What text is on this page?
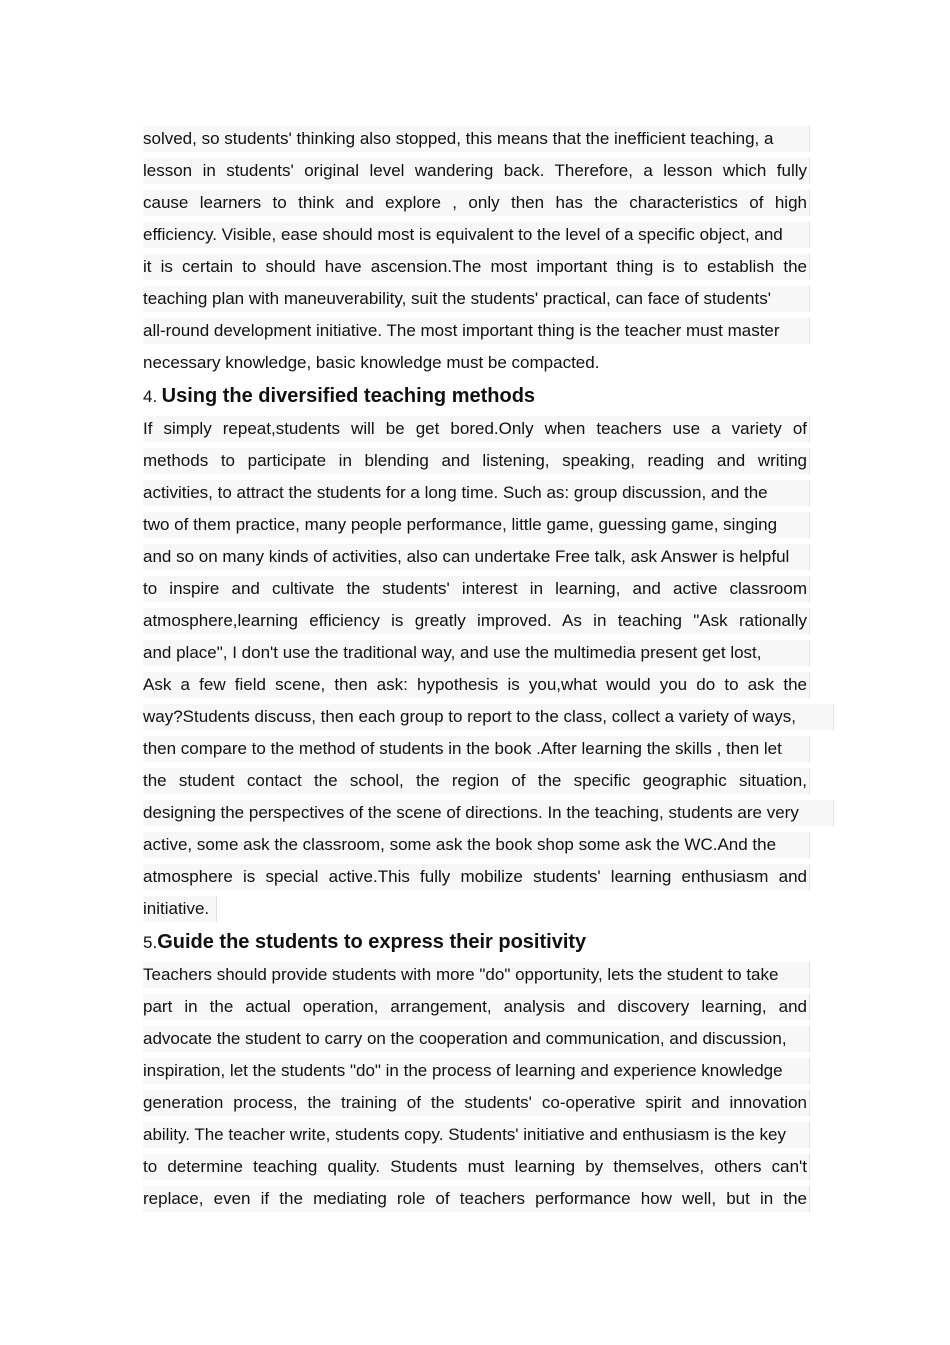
solved, so students' thinking also stopped, this means that the inefficient teaching, a
lesson in students' original level wandering back. Therefore, a lesson which fully
cause learners to think and explore , only then has the characteristics of high
efficiency. Visible, ease should most is equivalent to the level of a specific object, and
it is certain to should have ascension.The most important thing is to establish the
teaching plan with maneuverability, suit the students' practical, can face of students'
all-round development initiative. The most important thing is the teacher must master
necessary knowledge, basic knowledge must be compacted.
4. Using the diversified teaching methods
If simply repeat,students will be get bored.Only when teachers use a variety of
methods to participate in blending and listening, speaking, reading and writing
activities, to attract the students for a long time. Such as: group discussion, and the
two of them practice, many people performance, little game, guessing game, singing
and so on many kinds of activities, also can undertake Free talk, ask Answer is helpful
to inspire and cultivate the students' interest in learning, and active classroom
atmosphere,learning efficiency is greatly improved. As in teaching "Ask rationally
and place", I don't use the traditional way, and use the multimedia present get lost,
Ask a few field scene, then ask: hypothesis is you,what would you do to ask the
way?Students discuss, then each group to report to the class, collect a variety of ways,
then compare to the method of students in the book .After learning the skills , then let
the student contact the school, the region of the specific geographic situation,
designing the perspectives of the scene of directions. In the teaching, students are very
active, some ask the classroom, some ask the book shop some ask the WC.And the
atmosphere is special active.This fully mobilize students' learning enthusiasm and
initiative.
5.Guide the students to express their positivity
Teachers should provide students with more "do" opportunity, lets the student to take
part in the actual operation, arrangement, analysis and discovery learning, and
advocate the student to carry on the cooperation and communication, and discussion,
inspiration, let the students "do" in the process of learning and experience knowledge
generation process, the training of the students' co-operative spirit and innovation
ability. The teacher write, students copy. Students' initiative and enthusiasm is the key
to determine teaching quality. Students must learning by themselves, others can't
replace, even if the mediating role of teachers performance how well, but in the
